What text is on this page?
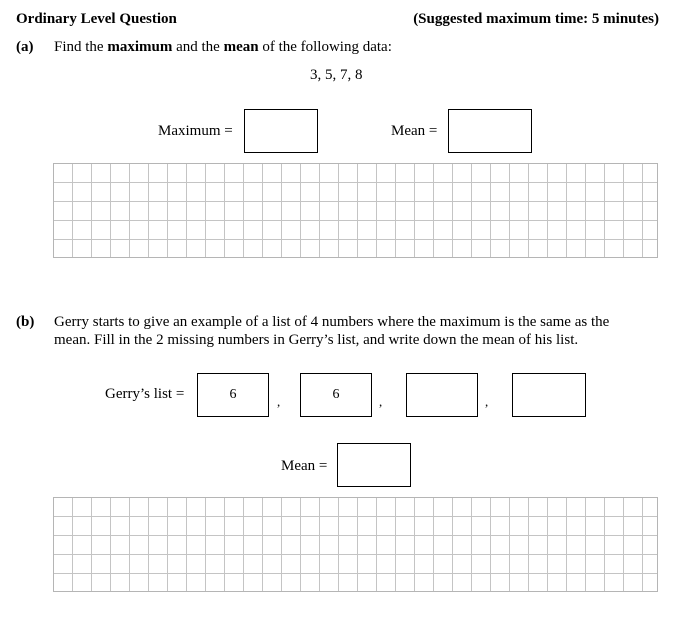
Ordinary Level Question	(Suggested maximum time: 5 minutes)
(a) Find the maximum and the mean of the following data:
3, 5, 7, 8
Maximum =	Mean =
(b) Gerry starts to give an example of a list of 4 numbers where the maximum is the same as the
mean. Fill in the 2 missing numbers in Gerry’s list, and write down the mean of his list.
Gerry’s list =	6	,	6	,	,
Mean =
